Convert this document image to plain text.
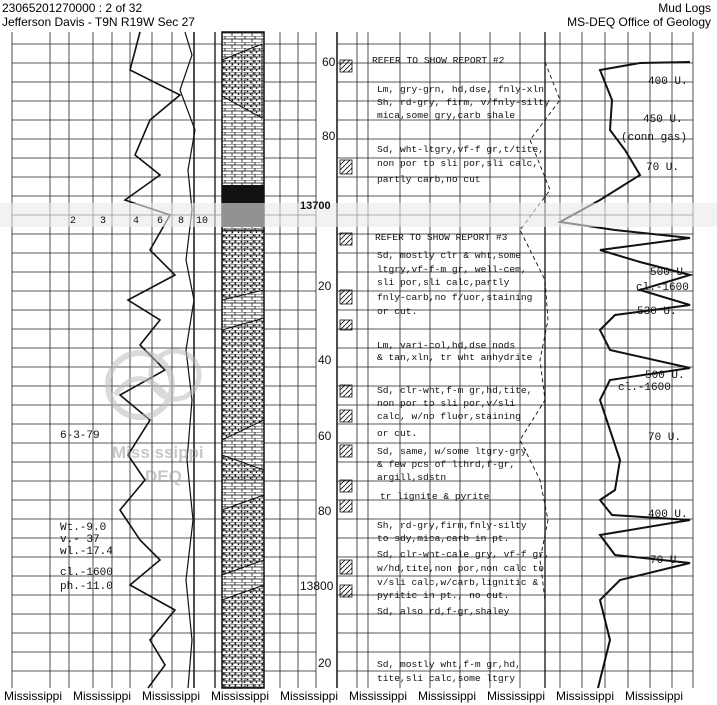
23065201270000 : 2 of 32
Jefferson Davis - T9N R19W Sec 27
Mud Logs
MS-DEQ Office of Geology
2 3	4 6 8 10
13700
13800
60
80
20
40
60
80
20
6-3-79
Wt.-9.0
v.- 37
wl.-17.4
cl.-1600
ph.-11.0
REFER TO SHOW REPORT #2
Lm, gry-grn, hd,dse, fnly-xln
Sh, rd-gry, firm, v/fnly-silty
mica,some gry,carb shale
Sd, wht-ltgry,vf-f gr,t/tite,
non por to sli por,sli calc,
partly carb,no cut
REFER TO SHOW REPORT #3
Sd, mostly clr & wht,some
ltgry,vf-f-m gr, well-cem,
sli por,sli calc,partly
fnly-carb,no f/uor,staining
or cut.
Lm, vari-col,hd,dse nods
& tan,xln, tr wht anhydrite
Sd, clr-wht,f-m gr,hd,tite,
non por to sli por,v/sli
calc, w/no fluor,staining
or cut.
Sd, same, w/some ltgry-gry
& few pcs of lthrd,f-gr,
argill,sdstn
tr lignite & pyrite
Sh, rd-gry,firm,fnly-silty
to sdy,mica,carb in pt.
Sd, clr-wht-cale gry, vf-f gr,
w/hd,tite,non por,non calc to
v/sli calc,w/carb,lignitic &
pyritic in pt., no cut.
Sd, also rd,f-gr,shaley
Sd, mostly wht,f-m gr,hd,
tite,sli calc,some ltgry
400 U.
450 U.
(conn gas)
70 U.
500 U.
cl.-1600
530 U.
500 U.
cl.-1600
70 U.
400 U.
70 U.
Mississippi
DEQ
Mississippi Mississippi Mississippi Mississippi Mississippi Mississippi Mississippi Mississippi Mississippi Mississippi
